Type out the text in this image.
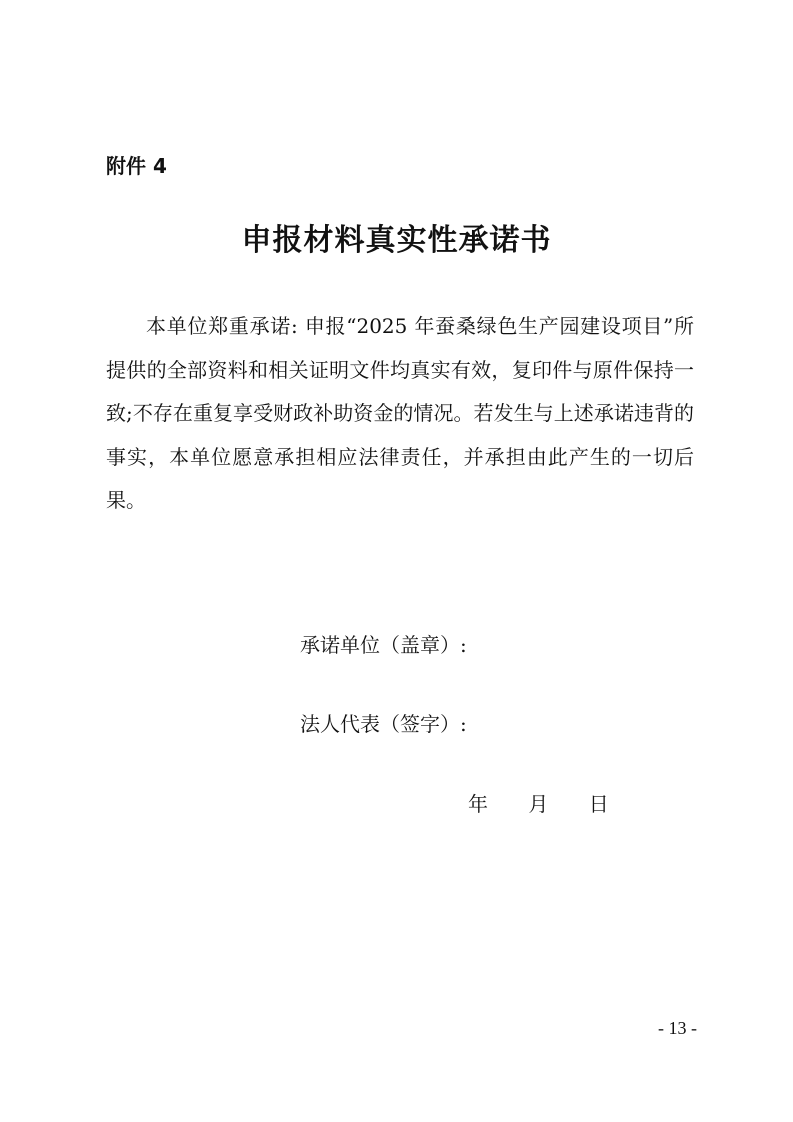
附件 4
申报材料真实性承诺书

本单位郑重承诺: 申报“2025 年蚕桑绿色生产园建设项目”所提供的全部资料和相关证明文件均真实有效，复印件与原件保持一致;不存在重复享受财政补助资金的情况。若发生与上述承诺违背的事实，本单位愿意承担相应法律责任，并承担由此产生的一切后果。

承诺单位（盖章）:
法人代表（签字）:
年 月 日
- 13 -
